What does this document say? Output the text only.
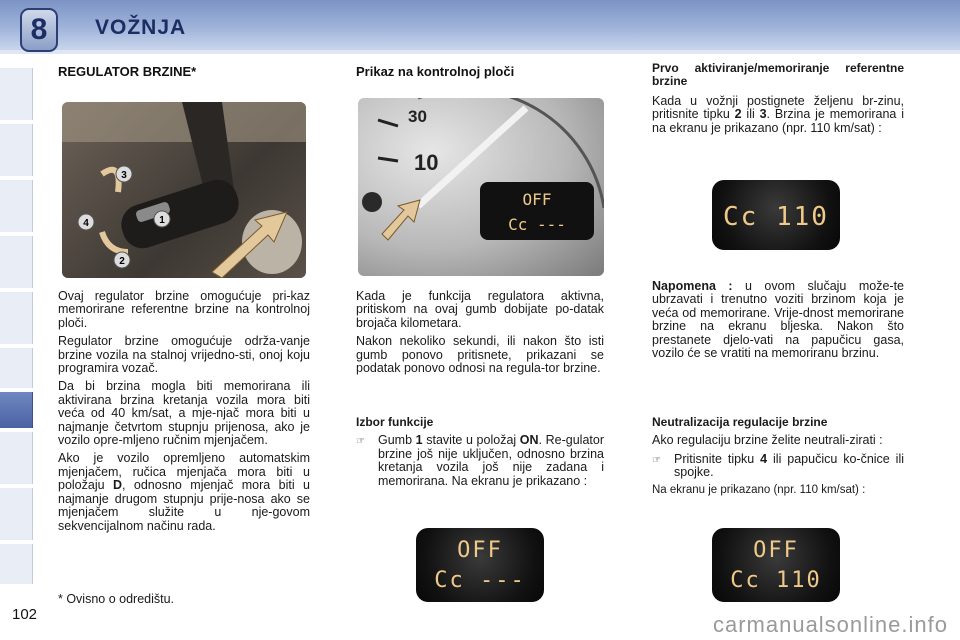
8	VOŽNJA
REGULATOR BRZINE*
3
4
2
1

Ovaj regulator brzine omogućuje pri-kaz memorirane referentne brzine na kontrolnoj ploči.

Regulator brzine omogućuje održa-vanje brzine vozila na stalnoj vrijedno-sti, onoj koju programira vozač.

Da bi brzina mogla biti memorirana ili aktivirana brzina kretanja vozila mora biti veća od 40 km/sat, a mje-njač mora biti u najmanje četvrtom stupnju prijenosa, ako je vozilo opre-mljeno ručnim mjenjačem.

Ako je vozilo opremljeno automatskim mjenjačem, ručica mjenjača mora biti u položaju D, odnosno mjenjač mora biti u najmanje drugom stupnju prije-nosa ako se mjenjačem služite u nje-govom sekvencijalnom načinu rada.

* Ovisno o odredištu.
102
Prikaz na kontrolnoj ploči
30
10
OFF
Cc ---

Kada je funkcija regulatora aktivna, pritiskom na ovaj gumb dobijate po-datak brojača kilometara.

Nakon nekoliko sekundi, ili nakon što isti gumb ponovo pritisnete, prikazani se podatak ponovo odnosi na regula-tor brzine.

Izbor funkcije
☞	Gumb 1 stavite u položaj ON. Re-gulator brzine još nije uključen, odnosno brzina kretanja vozila još nije zadana i memorirana. Na ekranu je prikazano :
OFF
Cc ---
Prvo aktiviranje/memoriranje referentne brzine

Kada u vožnji postignete željenu br-zinu, pritisnite tipku 2 ili 3. Brzina je memorirana i na ekranu je prikazano (npr. 110 km/sat) :

Cc 110

Napomena : u ovom slučaju može-te ubrzavati i trenutno voziti brzinom koja je veća od memorirane. Vrije-dnost memorirane brzine na ekranu bljeska. Nakon što prestanete djelo-vati na papučicu gasa, vozilo će se vratiti na memoriranu brzinu.

Neutralizacija regulacije brzine

Ako regulaciju brzine želite neutrali-zirati :

☞	Pritisnite tipku 4 ili papučicu ko-čnice ili spojke.

Na ekranu je prikazano (npr. 110 km/sat) :

OFF
Cc 110
carmanualsonline.info
